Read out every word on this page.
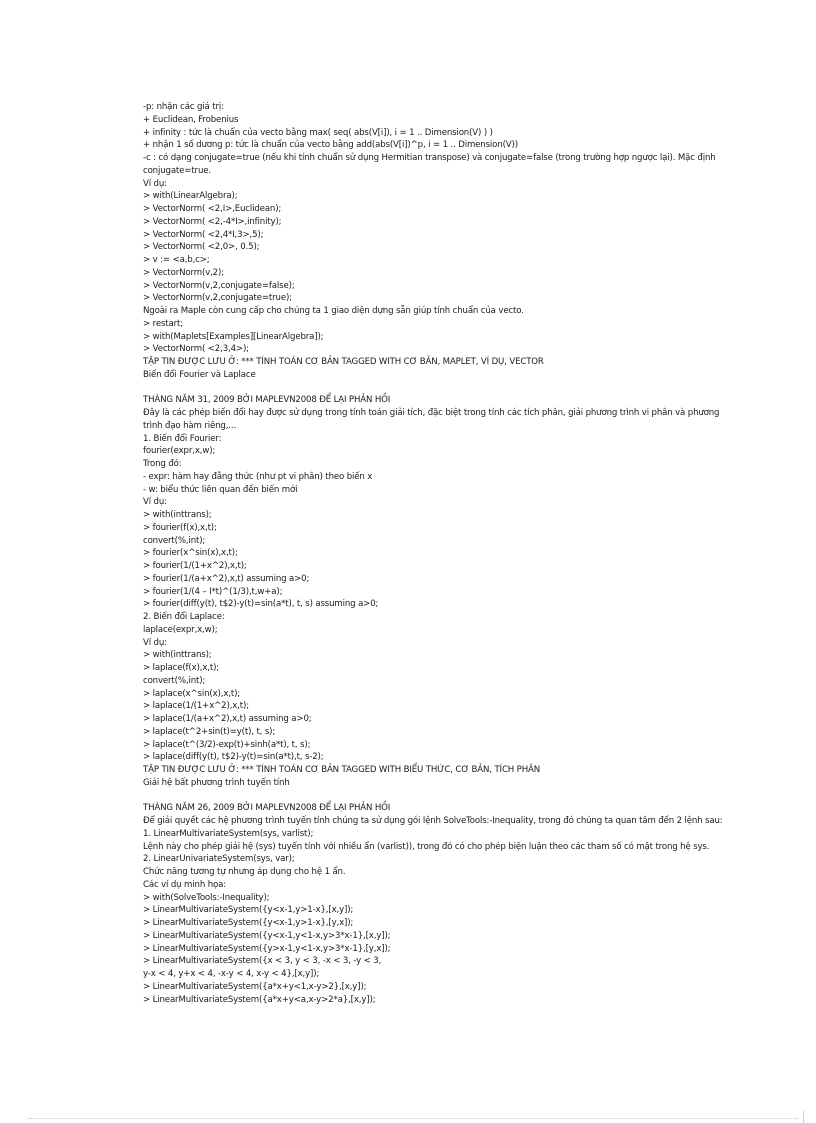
-p: nhận các giá trị:
+ Euclidean, Frobenius
+ infinity : tức là chuẩn của vecto bằng max( seq( abs(V[i]), i = 1 .. Dimension(V) ) )
+ nhận 1 số dương p: tức là chuẩn của vecto bằng add(abs(V[i])^p, i = 1 .. Dimension(V))
-c : có dạng conjugate=true (nếu khi tính chuẩn sử dụng Hermitian transpose) và conjugate=false (trong trường hợp ngược lại). Mặc định conjugate=true.
Ví dụ:
> with(LinearAlgebra);
> VectorNorm( <2,I>,Euclidean);
> VectorNorm( <2,-4*I>,infinity);
> VectorNorm( <2,4*I,3>,5);
> VectorNorm( <2,0>, 0.5);
> v := <a,b,c>;
> VectorNorm(v,2);
> VectorNorm(v,2,conjugate=false);
> VectorNorm(v,2,conjugate=true);
Ngoài ra Maple còn cung cấp cho chúng ta 1 giao diện dựng sẵn giúp tính chuẩn của vecto.
> restart;
> with(Maplets[Examples][LinearAlgebra]);
> VectorNorm( <2,3,4>);
TẬP TIN ĐƯỢC LƯU Ở: *** TÍNH TOÁN CƠ BẢN TAGGED WITH CƠ BẢN, MAPLET, VÍ DỤ, VECTOR
Biến đổi Fourier và Laplace
THÁNG NĂM 31, 2009 BỞI MAPLEVN2008 ĐỂ LẠI PHẢN HỒI
Đây là các phép biến đổi hay được sử dụng trong tính toán giải tích, đặc biệt trong tính các tích phân, giải phương trình vi phân và phương trình đạo hàm riêng,...
1. Biến đổi Fourier:
fourier(expr,x,w);
Trong đó:
- expr: hàm hay đẳng thức (như pt vi phân) theo biến x
- w: biểu thức liên quan đến biến mới
Ví dụ:
> with(inttrans);
> fourier(f(x),x,t);
convert(%,int);
> fourier(x^sin(x),x,t);
> fourier(1/(1+x^2),x,t);
> fourier(1/(a+x^2),x,t) assuming a>0;
> fourier(1/(4 – I*t)^(1/3),t,w+a);
> fourier(diff(y(t), t$2)-y(t)=sin(a*t), t, s) assuming a>0;
2. Biến đổi Laplace:
laplace(expr,x,w);
Ví dụ:
> with(inttrans);
> laplace(f(x),x,t);
convert(%,int);
> laplace(x^sin(x),x,t);
> laplace(1/(1+x^2),x,t);
> laplace(1/(a+x^2),x,t) assuming a>0;
> laplace(t^2+sin(t)=y(t), t, s);
> laplace(t^(3/2)-exp(t)+sinh(a*t), t, s);
> laplace(diff(y(t), t$2)-y(t)=sin(a*t),t, s-2);
TẬP TIN ĐƯỢC LƯU Ở: *** TÍNH TOÁN CƠ BẢN TAGGED WITH BIỂU THỨC, CƠ BẢN, TÍCH PHÂN
Giải hệ bất phương trình tuyến tính
THÁNG NĂM 26, 2009 BỞI MAPLEVN2008 ĐỂ LẠI PHẢN HỒI
Để giải quyết các hệ phương trình tuyến tính chúng ta sử dụng gói lệnh SolveTools:-Inequality, trong đó chúng ta quan tâm đến 2 lệnh sau:
1. LinearMultivariateSystem(sys, varlist);
Lệnh này cho phép giải hệ (sys) tuyến tính với nhiều ẩn (varlist)), trong đó có cho phép biện luận theo các tham số có mặt trong hệ sys.
2. LinearUnivariateSystem(sys, var);
Chức năng tương tự nhưng áp dụng cho hệ 1 ẩn.
Các ví dụ minh họa:
> with(SolveTools:-Inequality);
> LinearMultivariateSystem({y<x-1,y>1-x},[x,y]);
> LinearMultivariateSystem({y<x-1,y>1-x},[y,x]);
> LinearMultivariateSystem({y<x-1,y<1-x,y>3*x-1},[x,y]);
> LinearMultivariateSystem({y>x-1,y<1-x,y>3*x-1},[y,x]);
> LinearMultivariateSystem({x < 3, y < 3, -x < 3, -y < 3,
y-x < 4, y+x < 4, -x-y < 4, x-y < 4},[x,y]);
> LinearMultivariateSystem({a*x+y<1,x-y>2},[x,y]);
> LinearMultivariateSystem({a*x+y<a,x-y>2*a},[x,y]);
